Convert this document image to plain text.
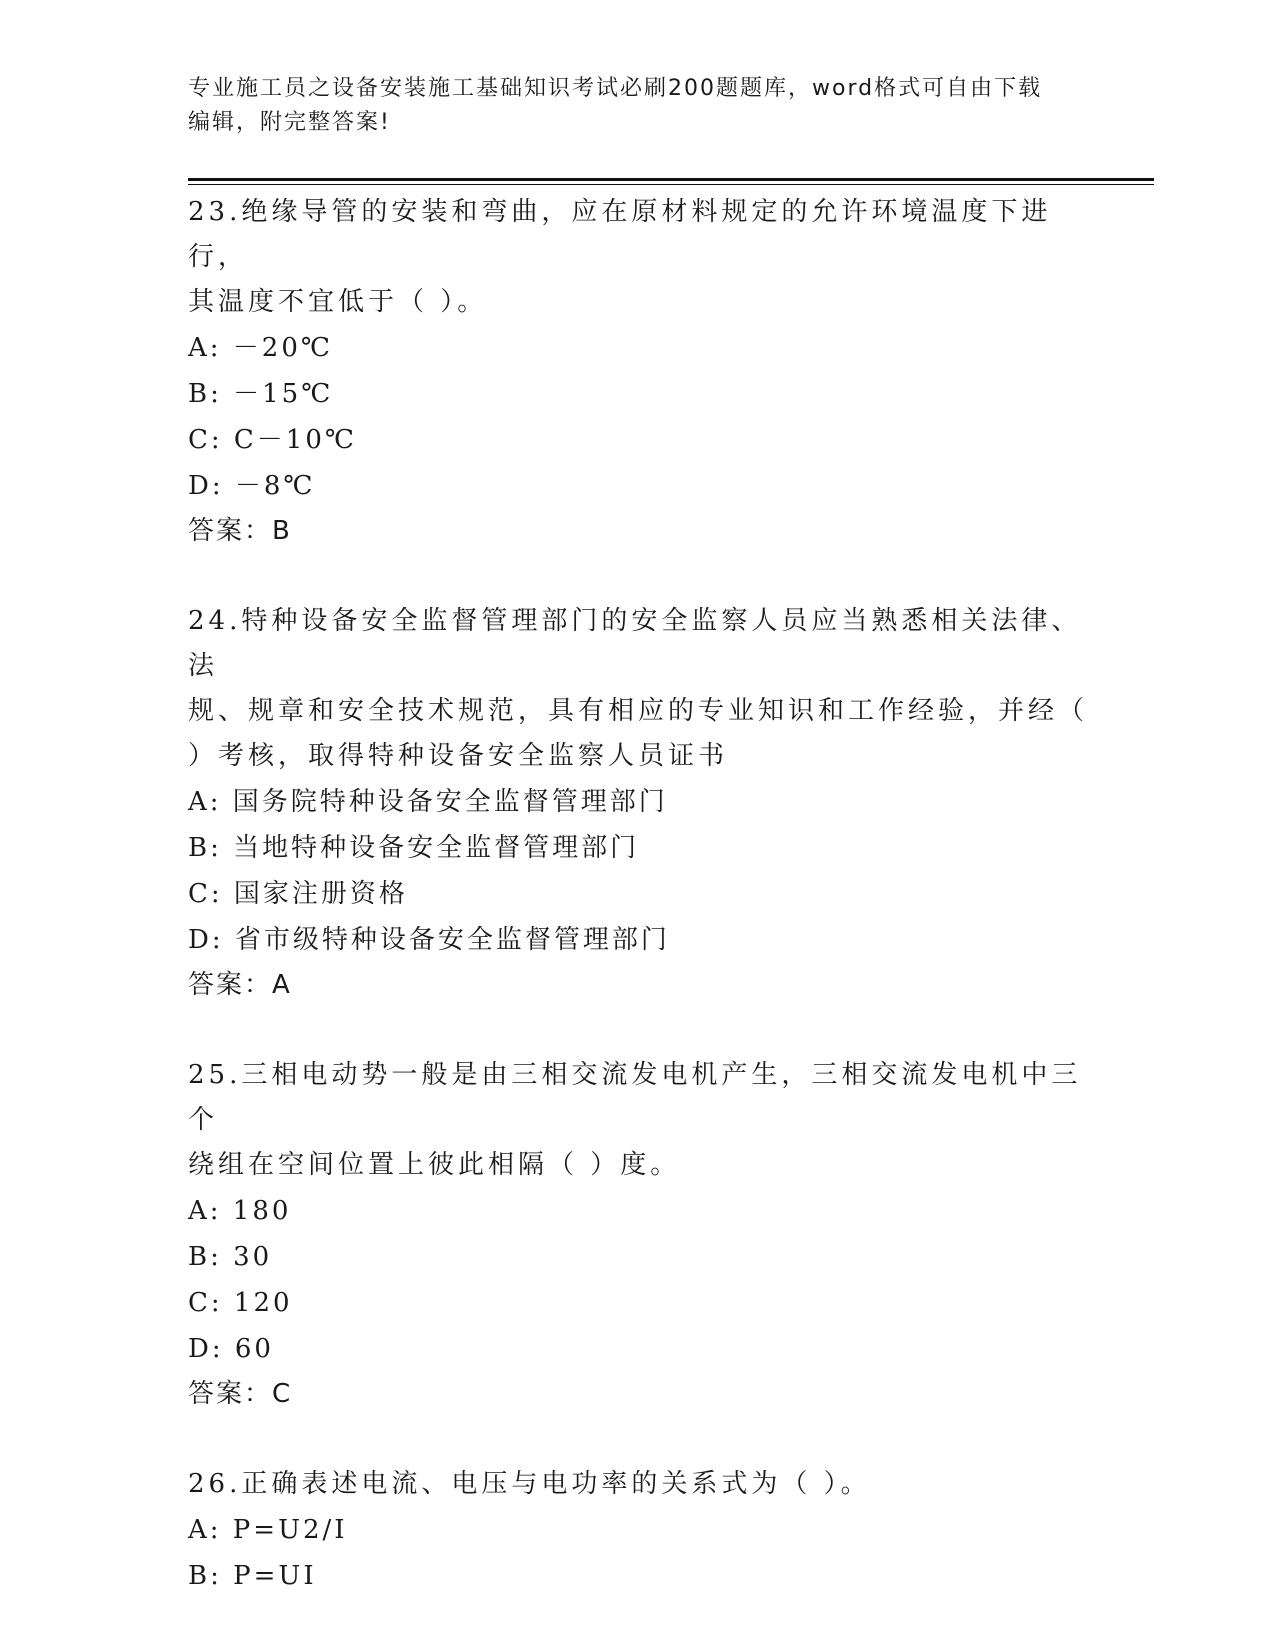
专业施工员之设备安装施工基础知识考试必刷200题题库，word格式可自由下载
编辑，附完整答案!

23.绝缘导管的安装和弯曲，应在原材料规定的允许环境温度下进行，

其温度不宜低于（ ）。

A: －20℃

B: －15℃

C: C－10℃

D: －8℃

答案：B

24.特种设备安全监督管理部门的安全监察人员应当熟悉相关法律、法

规、规章和安全技术规范，具有相应的专业知识和工作经验，并经（

）考核，取得特种设备安全监察人员证书

A: 国务院特种设备安全监督管理部门

B: 当地特种设备安全监督管理部门

C: 国家注册资格

D: 省市级特种设备安全监督管理部门

答案：A

25.三相电动势一般是由三相交流发电机产生，三相交流发电机中三个

绕组在空间位置上彼此相隔（ ）度。

A: 180

B: 30

C: 120

D: 60

答案：C

26.正确表述电流、电压与电功率的关系式为（ ）。

A: P=U2/I

B: P=UI
